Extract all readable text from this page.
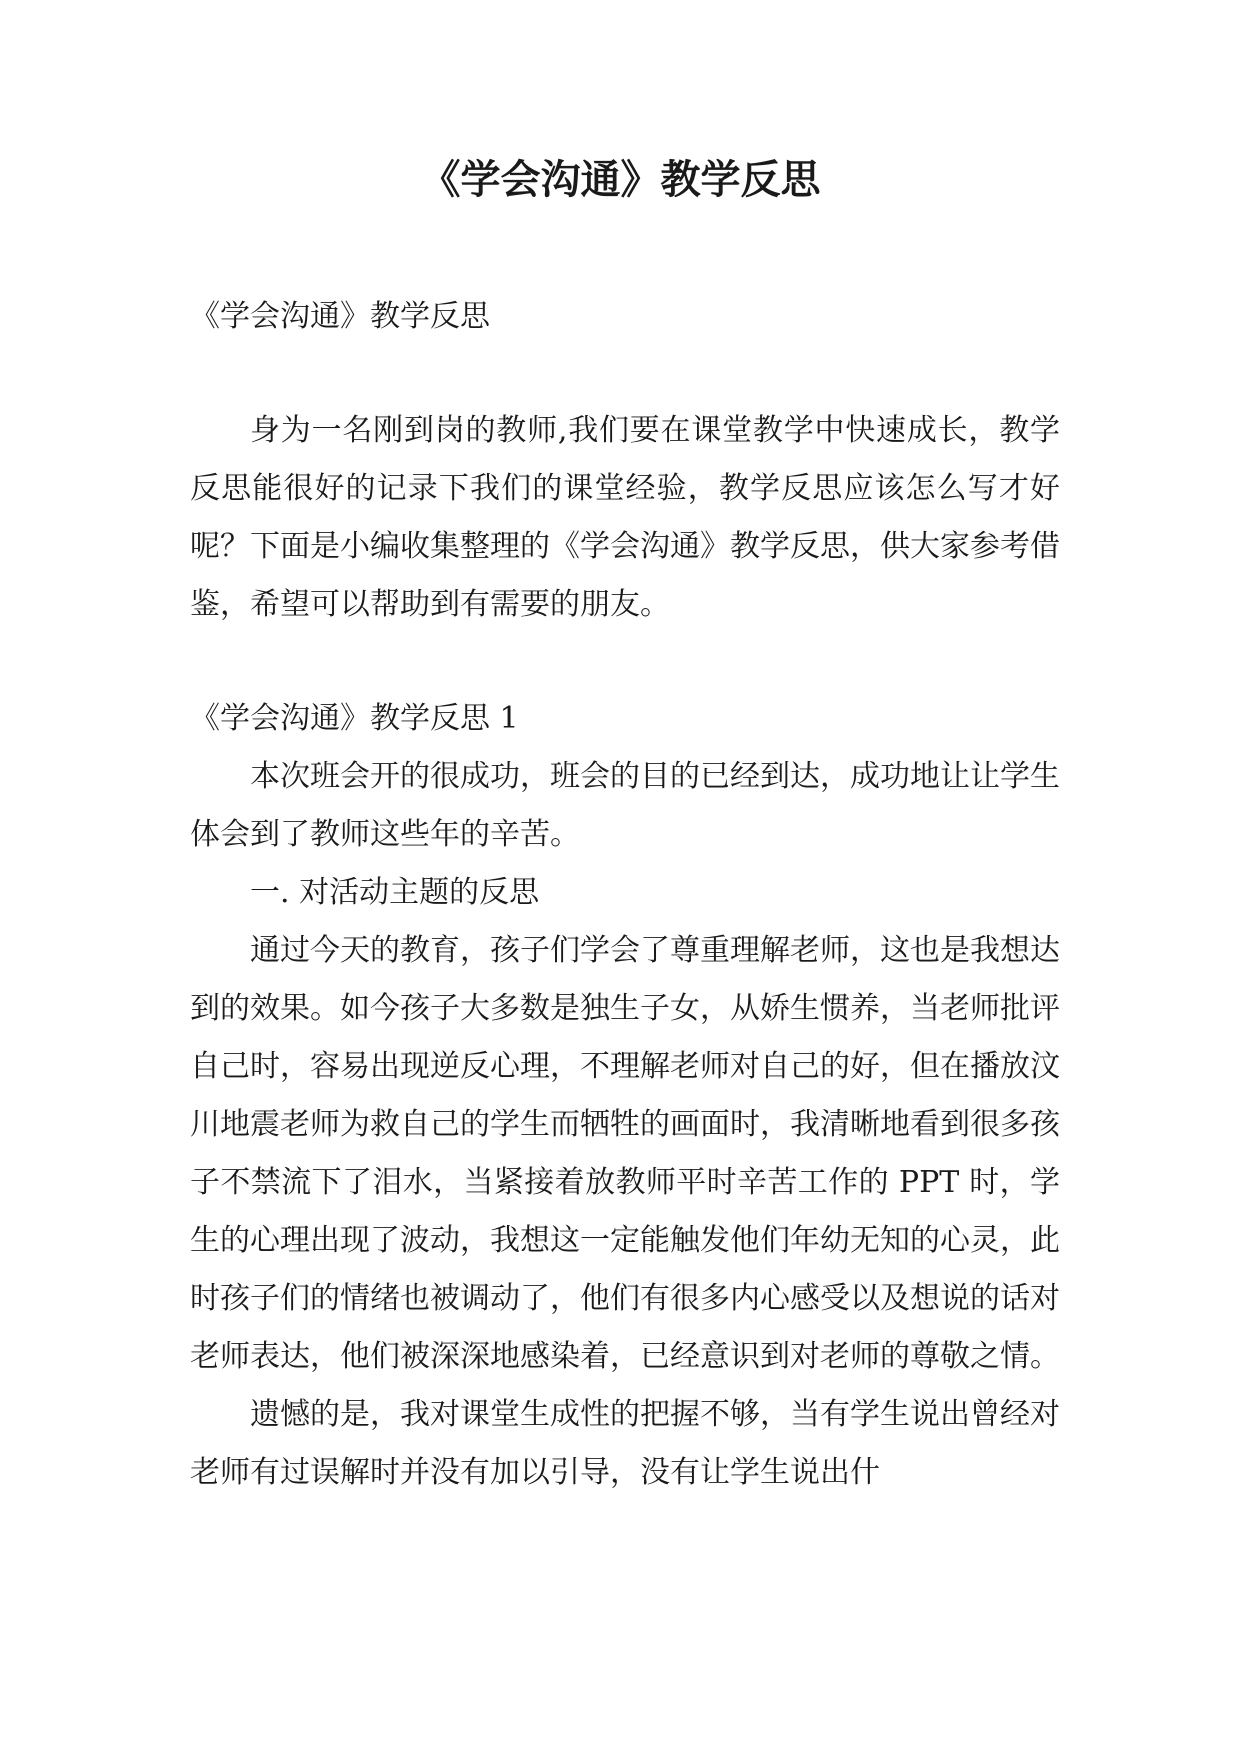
《学会沟通》教学反思

《学会沟通》教学反思

身为一名刚到岗的教师,我们要在课堂教学中快速成长，教学反思能很好的记录下我们的课堂经验，教学反思应该怎么写才好呢？下面是小编收集整理的《学会沟通》教学反思，供大家参考借鉴，希望可以帮助到有需要的朋友。

《学会沟通》教学反思 1

本次班会开的很成功，班会的目的已经到达，成功地让让学生体会到了教师这些年的辛苦。

一. 对活动主题的反思

通过今天的教育，孩子们学会了尊重理解老师，这也是我想达到的效果。如今孩子大多数是独生子女，从娇生惯养，当老师批评自己时，容易出现逆反心理，不理解老师对自己的好，但在播放汶川地震老师为救自己的学生而牺牲的画面时，我清晰地看到很多孩子不禁流下了泪水，当紧接着放教师平时辛苦工作的 PPT 时，学生的心理出现了波动，我想这一定能触发他们年幼无知的心灵，此时孩子们的情绪也被调动了，他们有很多内心感受以及想说的话对老师表达，他们被深深地感染着，已经意识到对老师的尊敬之情。

遗憾的是，我对课堂生成性的把握不够，当有学生说出曾经对老师有过误解时并没有加以引导，没有让学生说出什
